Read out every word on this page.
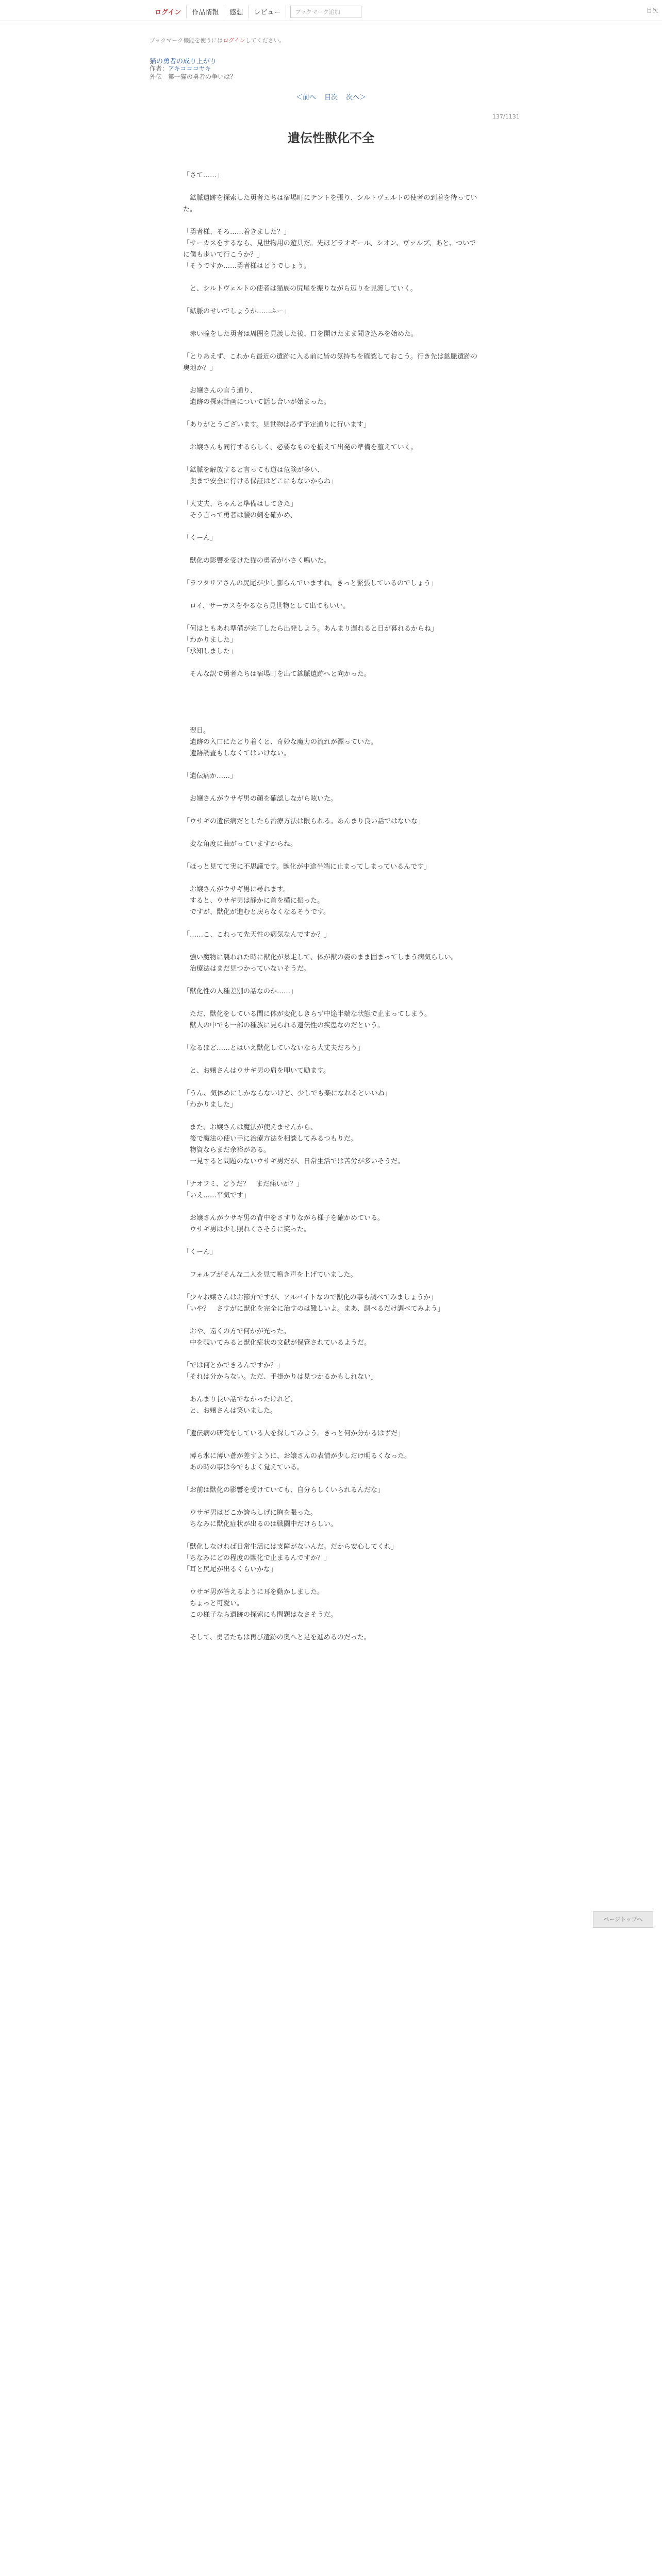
ログイン	作品情報	感想	レビュー	ブックマーク追加	目次
ブックマーク機能を使うにはログインしてください。
猫の勇者の成り上がり
作者：アキコココヤキ
外伝　第一猫の勇者の争いは？
＜前へ 目次 次へ＞
137/1131
遺伝性獣化不全

「さて……」

　鉱脈遺跡を探索した勇者たちは宿場町にテントを張り、シルトヴェルトの使者の到着を待っていた。

「勇者様、そろ……着きました？」

「サーカスをするなら、見世物用の遊具だ。先ほどラオギール、シオン、ヴァルブ、あと、ついでに僕も歩いて行こうか？」

「そうですか……勇者様はどうでしょう。

　と、シルトヴェルトの使者は猫族の尻尾を振りながら辺りを見渡していく。

「鉱脈のせいでしょうか……ふー」

　赤い瞳をした勇者は周囲を見渡した後、口を開けたまま聞き込みを始めた。

「とりあえず、これから最近の遺跡に入る前に皆の気持ちを確認しておこう。行き先は鉱脈遺跡の奥地か？」

　お嬢さんの言う通り、

　遺跡の探索計画について話し合いが始まった。

「ありがとうございます。見世物は必ず予定通りに行います」

　お嬢さんも同行するらしく、必要なものを揃えて出発の準備を整えていく。

「鉱脈を解放すると言っても道は危険が多い、

　奥まで安全に行ける保証はどこにもないからね」

「大丈夫、ちゃんと準備はしてきた」

　そう言って勇者は腰の剣を確かめ、

「くーん」

　獣化の影響を受けた猫の勇者が小さく鳴いた。

「ラフタリアさんの尻尾が少し膨らんでいますね。きっと緊張しているのでしょう」

　ロイ、サーカスをやるなら見世物として出てもいい。

「何はともあれ準備が完了したら出発しよう。あんまり遅れると日が暮れるからね」

「わかりました」

「承知しました」

　そんな訳で勇者たちは宿場町を出て鉱脈遺跡へと向かった。

　翌日。

　遺跡の入口にたどり着くと、奇妙な魔力の流れが漂っていた。

　遺跡調査もしなくてはいけない。

「遺伝病か……」

　お嬢さんがウサギ男の顔を確認しながら呟いた。

「ウサギの遺伝病だとしたら治療方法は限られる。あんまり良い話ではないな」

　変な角度に曲がっていますからね。

「ほっと見てて実に不思議です。獣化が中途半端に止まってしまっているんです」

　お嬢さんがウサギ男に尋ねます。

　すると、ウサギ男は静かに首を横に振った。

　ですが、獣化が進むと戻らなくなるそうです。

「……こ、これって先天性の病気なんですか？」

　強い魔物に襲われた時に獣化が暴走して、体が獣の姿のまま固まってしまう病気らしい。

　治療法はまだ見つかっていないそうだ。

「獣化性の人種差別の話なのか……」

　ただ、獣化をしている間に体が変化しきらず中途半端な状態で止まってしまう。

　獣人の中でも一部の種族に見られる遺伝性の疾患なのだという。

「なるほど……とはいえ獣化していないなら大丈夫だろう」

　と、お嬢さんはウサギ男の肩を叩いて励ます。

「うん、気休めにしかならないけど、少しでも楽になれるといいね」

「わかりました」

　また、お嬢さんは魔法が使えませんから、

　後で魔法の使い手に治療方法を相談してみるつもりだ。

　物資ならまだ余裕がある。

　一見すると問題のないウサギ男だが、日常生活では苦労が多いそうだ。

「ナオフミ、どうだ？　まだ痛いか？」

「いえ……平気です」

　お嬢さんがウサギ男の背中をさすりながら様子を確かめている。

　ウサギ男は少し照れくさそうに笑った。

「くーん」

　フォルブがそんな二人を見て鳴き声を上げていました。

「少々お嬢さんはお節介ですが、アルバイトなので獣化の事も調べてみましょうか」

「いや？　さすがに獣化を完全に治すのは難しいよ。まあ、調べるだけ調べてみよう」

　おや、遠くの方で何かが光った。

　中を覗いてみると獣化症状の文献が保管されているようだ。

「では何とかできるんですか？」

「それは分からない。ただ、手掛かりは見つかるかもしれない」

　あんまり長い話でなかったけれど、

　と、お嬢さんは笑いました。

「遺伝病の研究をしている人を探してみよう。きっと何か分かるはずだ」

　薄ら氷に薄い蒼が差すように、お嬢さんの表情が少しだけ明るくなった。

　あの時の事は今でもよく覚えている。

「お前は獣化の影響を受けていても、自分らしくいられるんだな」

　ウサギ男はどこか誇らしげに胸を張った。

　ちなみに獣化症状が出るのは戦闘中だけらしい。

「獣化しなければ日常生活には支障がないんだ。だから安心してくれ」

「ちなみにどの程度の獣化で止まるんですか？」

「耳と尻尾が出るくらいかな」

　ウサギ男が答えるように耳を動かしました。

　ちょっと可愛い。

　この様子なら遺跡の探索にも問題はなさそうだ。

　そして、勇者たちは再び遺跡の奥へと足を進めるのだった。

ページトップへ
